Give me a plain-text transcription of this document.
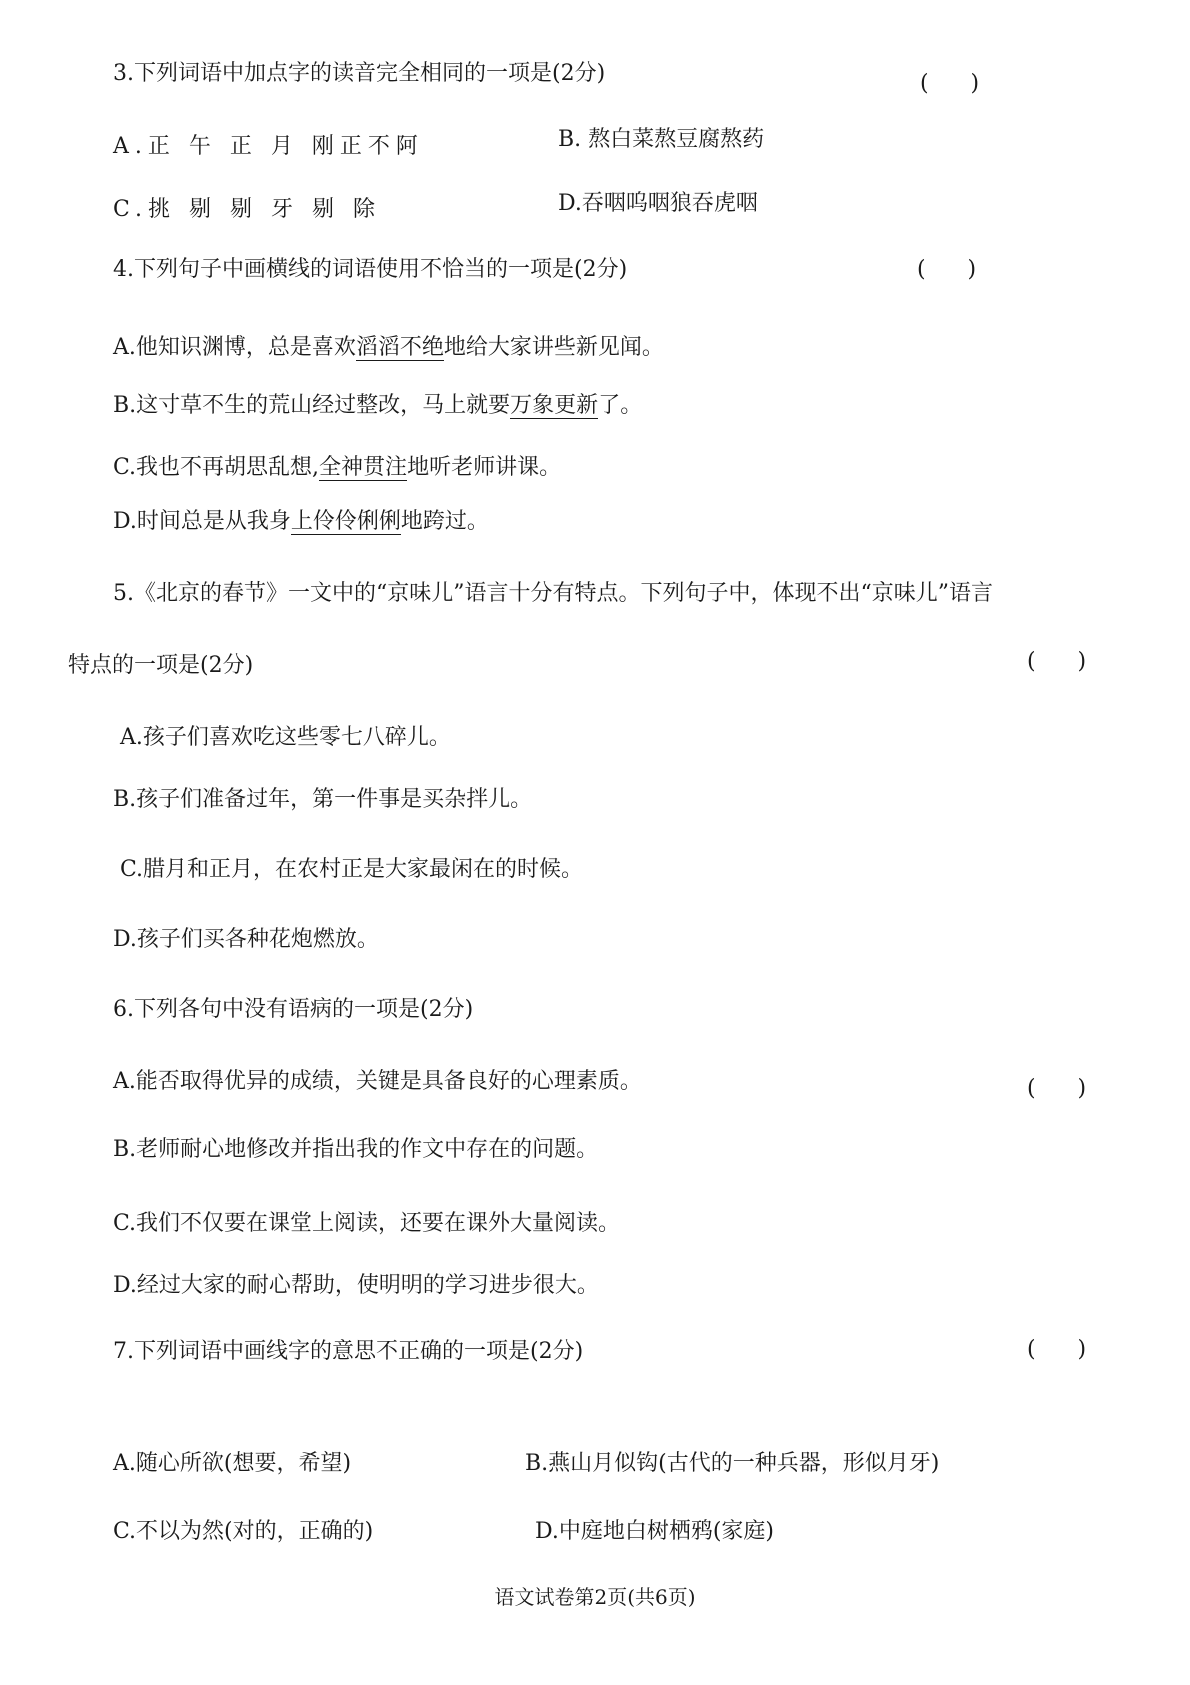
3.下列词语中加点字的读音完全相同的一项是(2分)	(      )
A.正 午 正 月 刚正不阿	B. 熬白菜熬豆腐熬药
C.挑 剔 剔 牙 剔 除	D.吞咽呜咽狼吞虎咽
4.下列句子中画横线的词语使用不恰当的一项是(2分)	(      )
A.他知识渊博，总是喜欢滔滔不绝地给大家讲些新见闻。
B.这寸草不生的荒山经过整改，马上就要万象更新了。
C.我也不再胡思乱想,全神贯注地听老师讲课。
D.时间总是从我身上伶伶俐俐地跨过。
5.《北京的春节》一文中的“京味儿”语言十分有特点。下列句子中，体现不出“京味儿”语言
特点的一项是(2分)	(      )
A.孩子们喜欢吃这些零七八碎儿。
B.孩子们准备过年，第一件事是买杂拌儿。
C.腊月和正月，在农村正是大家最闲在的时候。
D.孩子们买各种花炮燃放。
6.下列各句中没有语病的一项是(2分)
(      )
A.能否取得优异的成绩，关键是具备良好的心理素质。
B.老师耐心地修改并指出我的作文中存在的问题。
C.我们不仅要在课堂上阅读，还要在课外大量阅读。
D.经过大家的耐心帮助，使明明的学习进步很大。
7.下列词语中画线字的意思不正确的一项是(2分)	(      )
A.随心所欲(想要，希望)	B.燕山月似钩(古代的一种兵器，形似月牙)
C.不以为然(对的，正确的)	D.中庭地白树栖鸦(家庭)
语文试卷第2页(共6页)
